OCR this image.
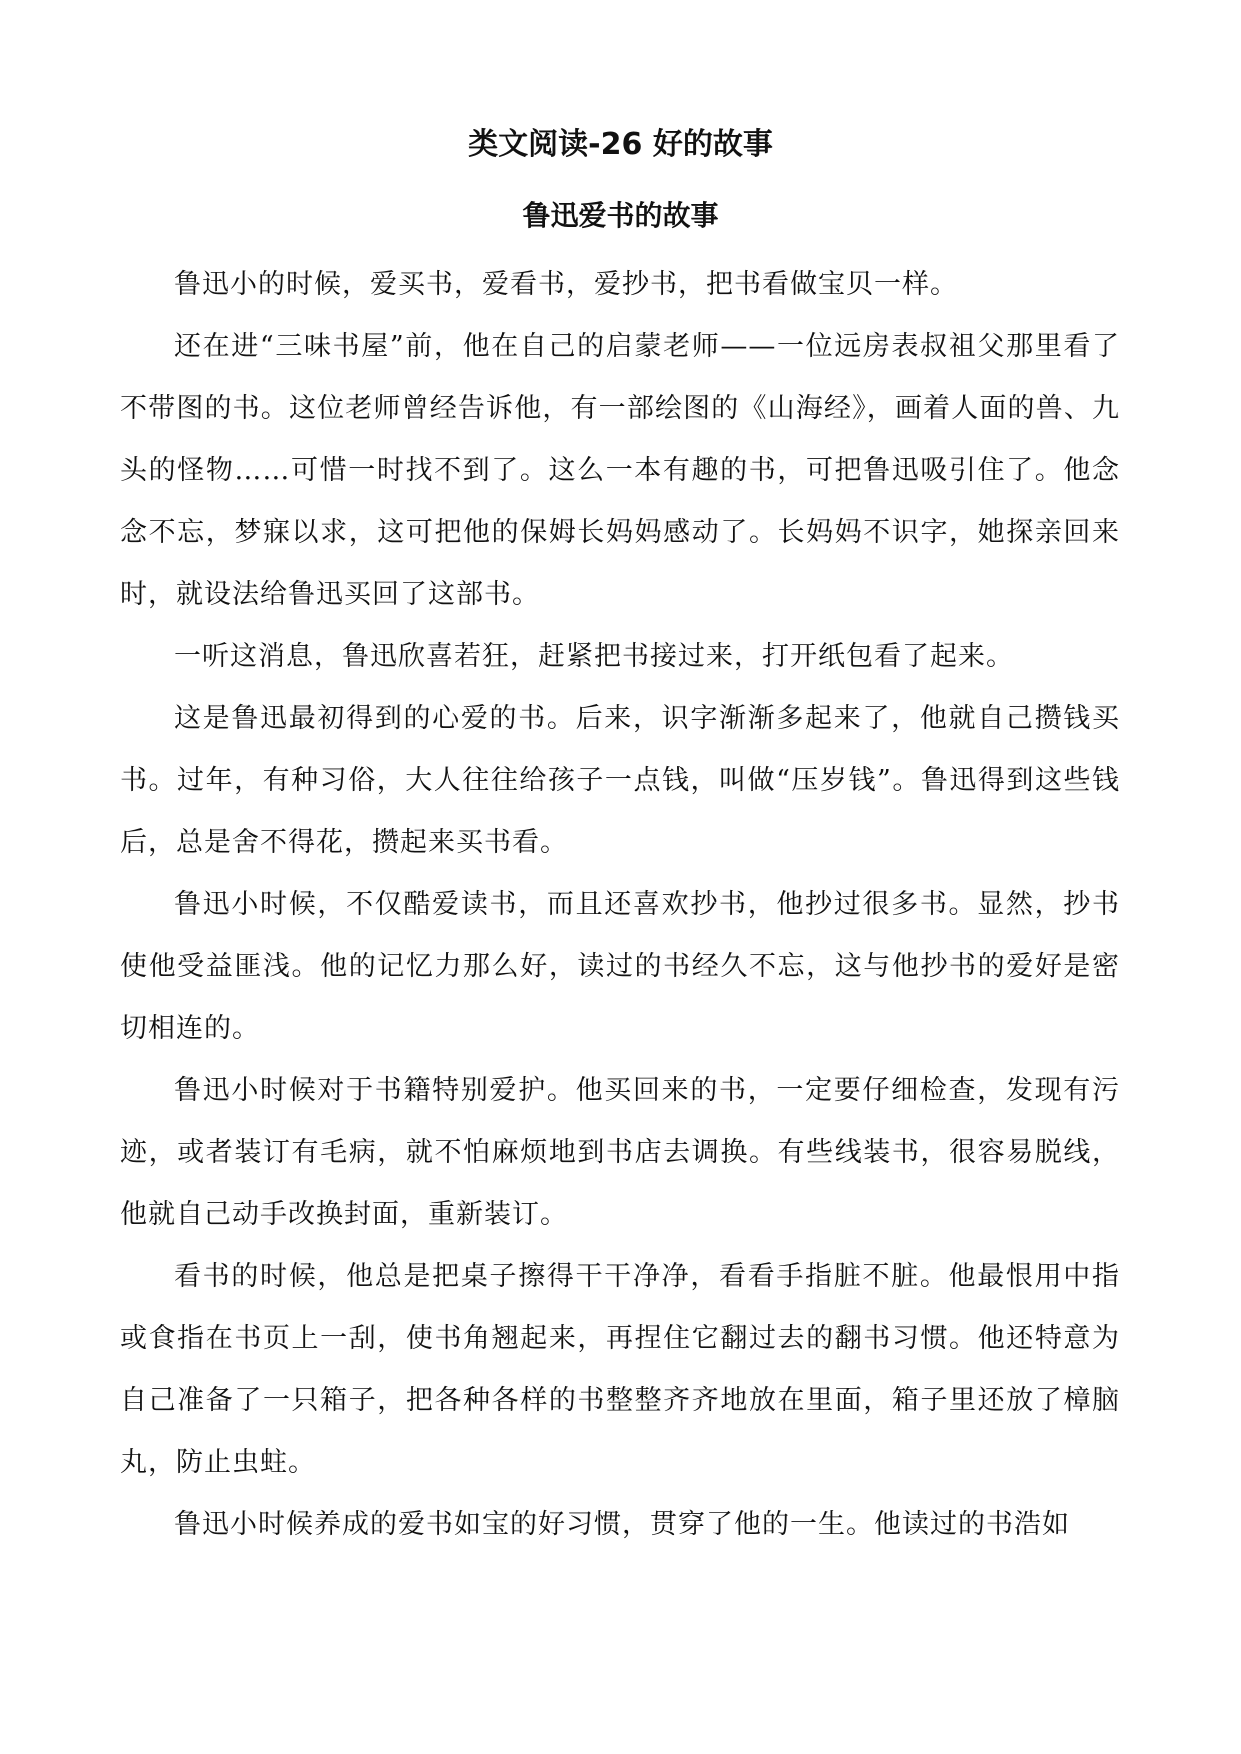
类文阅读-26 好的故事
鲁迅爱书的故事

鲁迅小的时候，爱买书，爱看书，爱抄书，把书看做宝贝一样。

还在进“三味书屋”前，他在自己的启蒙老师——一位远房表叔祖父那里看了不带图的书。这位老师曾经告诉他，有一部绘图的《山海经》，画着人面的兽、九头的怪物……可惜一时找不到了。这么一本有趣的书，可把鲁迅吸引住了。他念念不忘，梦寐以求，这可把他的保姆长妈妈感动了。长妈妈不识字，她探亲回来时，就设法给鲁迅买回了这部书。

一听这消息，鲁迅欣喜若狂，赶紧把书接过来，打开纸包看了起来。

这是鲁迅最初得到的心爱的书。后来，识字渐渐多起来了，他就自己攒钱买书。过年，有种习俗，大人往往给孩子一点钱，叫做“压岁钱”。鲁迅得到这些钱后，总是舍不得花，攒起来买书看。

鲁迅小时候，不仅酷爱读书，而且还喜欢抄书，他抄过很多书。显然，抄书使他受益匪浅。他的记忆力那么好，读过的书经久不忘，这与他抄书的爱好是密切相连的。

鲁迅小时候对于书籍特别爱护。他买回来的书，一定要仔细检查，发现有污迹，或者装订有毛病，就不怕麻烦地到书店去调换。有些线装书，很容易脱线，他就自己动手改换封面，重新装订。

看书的时候，他总是把桌子擦得干干净净，看看手指脏不脏。他最恨用中指或食指在书页上一刮，使书角翘起来，再捏住它翻过去的翻书习惯。他还特意为自己准备了一只箱子，把各种各样的书整整齐齐地放在里面，箱子里还放了樟脑丸，防止虫蛀。

鲁迅小时候养成的爱书如宝的好习惯，贯穿了他的一生。他读过的书浩如
